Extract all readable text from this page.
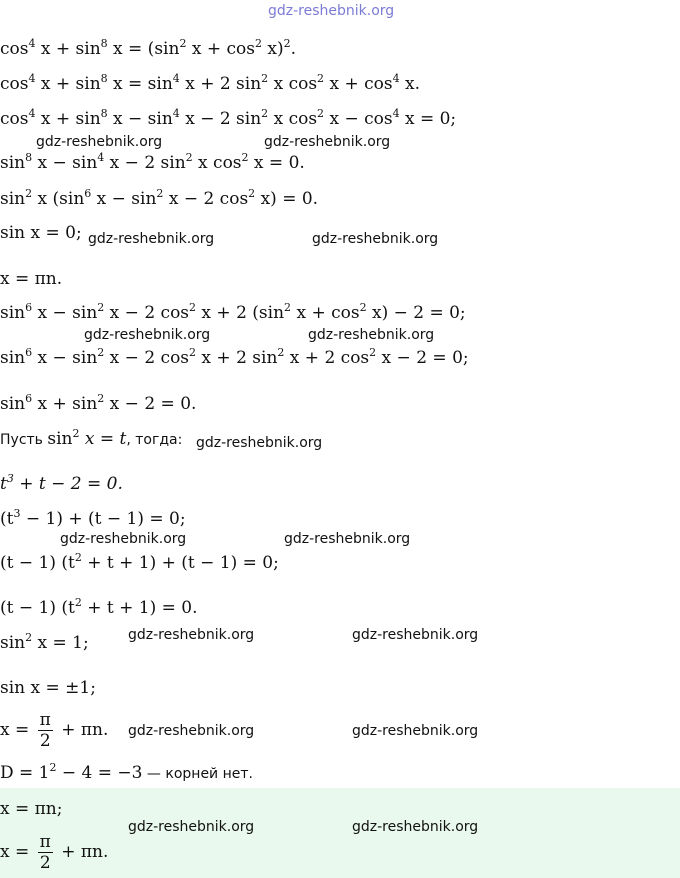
gdz-reshebnik.org
$\cos^4 x + \sin^8 x = (\sin^2$ $x + \cos^2 x)^2$.
$\cos^4 x + \sin^8 x = \sin^4 x + 2$ $\sin^2 x$ $\cos^2 x + \cos^4 x$.
$\cos^4 x + \sin^8 x - \sin^4 x - 2$ $\sin^2 x$ $\cos^2 x - \cos^4 x = 0$;
gdz-reshebnik.org	gdz-reshebnik.org
$\sin^8 x - \sin^4 x - 2$ $\sin^2 x$ $\cos^2 x = 0$.
$\sin^2 x$ ($\sin^6$ $x - \sin^2 x - 2$ $\cos^2 x) = 0$.
sin x = 0; gdz-reshebnik.org	gdz-reshebnik.org
x = πn.
$\sin^6 x - \sin^2 x - 2$ $\cos^2 x + 2$ ($\sin^2$ $x + \cos^2 x) - 2 = 0$;
gdz-reshebnik.org	gdz-reshebnik.org
$\sin^6 x - \sin^2 x - 2$ $\cos^2 x + 2$ $\sin^2 x + 2$ $\cos^2 x - 2 = 0$;
$\sin^6 x + \sin^2 x - 2 = 0$.
Пусть $\sin^2 x = t$, тогда: gdz-reshebnik.org
$t^3 + t - 2 = 0$.
$(t^3 - 1) + (t - 1) = 0$;
gdz-reshebnik.org	gdz-reshebnik.org
(t − 1) $(t^2 + t + 1) + (t - 1) = 0$;
(t − 1) $(t^2 + t + 1) = 0$.
$\sin^2 x = 1$;	gdz-reshebnik.org	gdz-reshebnik.org
sin x = ±1;
$x = \frac{\pi}{2} + \pi n$. gdz-reshebnik.org	gdz-reshebnik.org
$D = 1^2 - 4 = -3$ — корней нет.
x = πn;
gdz-reshebnik.org	gdz-reshebnik.org
$x = \frac{\pi}{2} + \pi n$.
